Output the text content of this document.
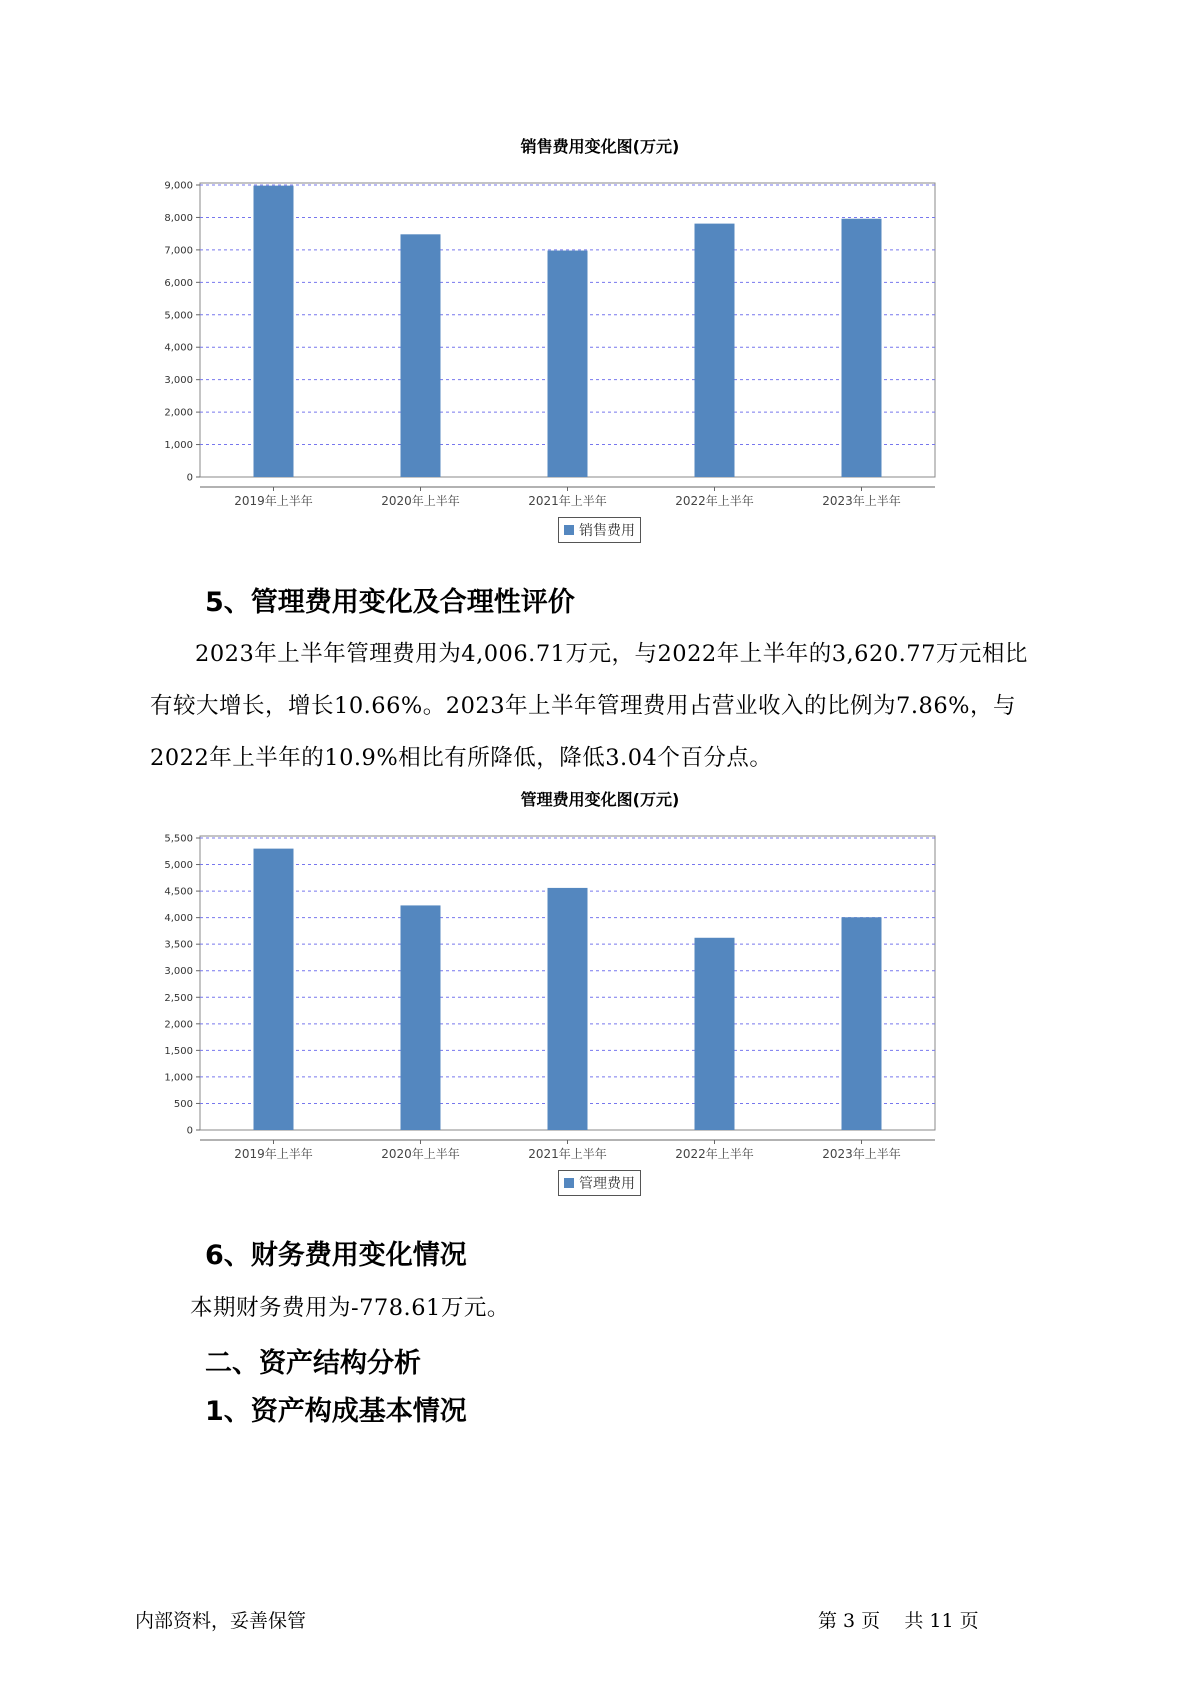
销售费用变化图(万元)
0
1,000
2,000
3,000
4,000
5,000
6,000
7,000
8,000
9,000
2019年上半年	2020年上半年	2021年上半年	2022年上半年	2023年上半年
销售费用
5、管理费用变化及合理性评价

2023年上半年管理费用为4,006.71万元，与2022年上半年的3,620.77万元相比有较大增长，增长10.66%。2023年上半年管理费用占营业收入的比例为7.86%，与2022年上半年的10.9%相比有所降低，降低3.04个百分点。

管理费用变化图(万元)
0
500
1,000
1,500
2,000
2,500
3,000
3,500
4,000
4,500
5,000
5,500
2019年上半年	2020年上半年	2021年上半年	2022年上半年	2023年上半年
管理费用
6、财务费用变化情况

本期财务费用为-778.61万元。

二、资产结构分析
1、资产构成基本情况
内部资料，妥善保管	第 3 页    共 11 页
